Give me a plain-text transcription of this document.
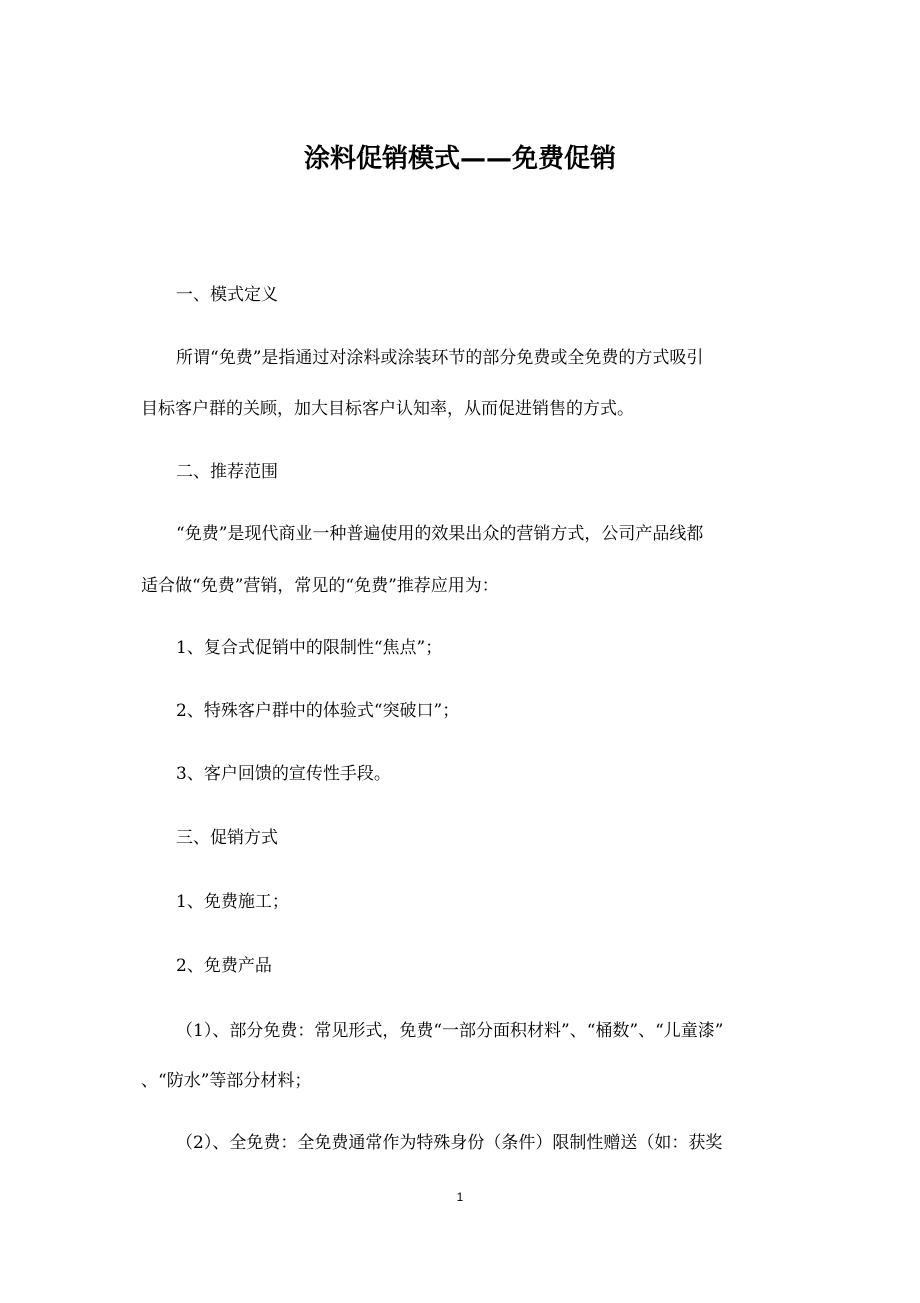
涂料促销模式——免费促销
一、模式定义
所谓“免费”是指通过对涂料或涂装环节的部分免费或全免费的方式吸引
目标客户群的关顾，加大目标客户认知率，从而促进销售的方式。
二、推荐范围
“免费”是现代商业一种普遍使用的效果出众的营销方式，公司产品线都
适合做“免费”营销，常见的“免费”推荐应用为：
1、复合式促销中的限制性“焦点”；
2、特殊客户群中的体验式“突破口”；
3、客户回馈的宣传性手段。
三、促销方式
1、免费施工；
2、免费产品
（1）、部分免费：常见形式，免费“一部分面积材料”、“桶数”、“儿童漆”
、“防水”等部分材料；
（2）、全免费：全免费通常作为特殊身份（条件）限制性赠送（如：获奖
1
